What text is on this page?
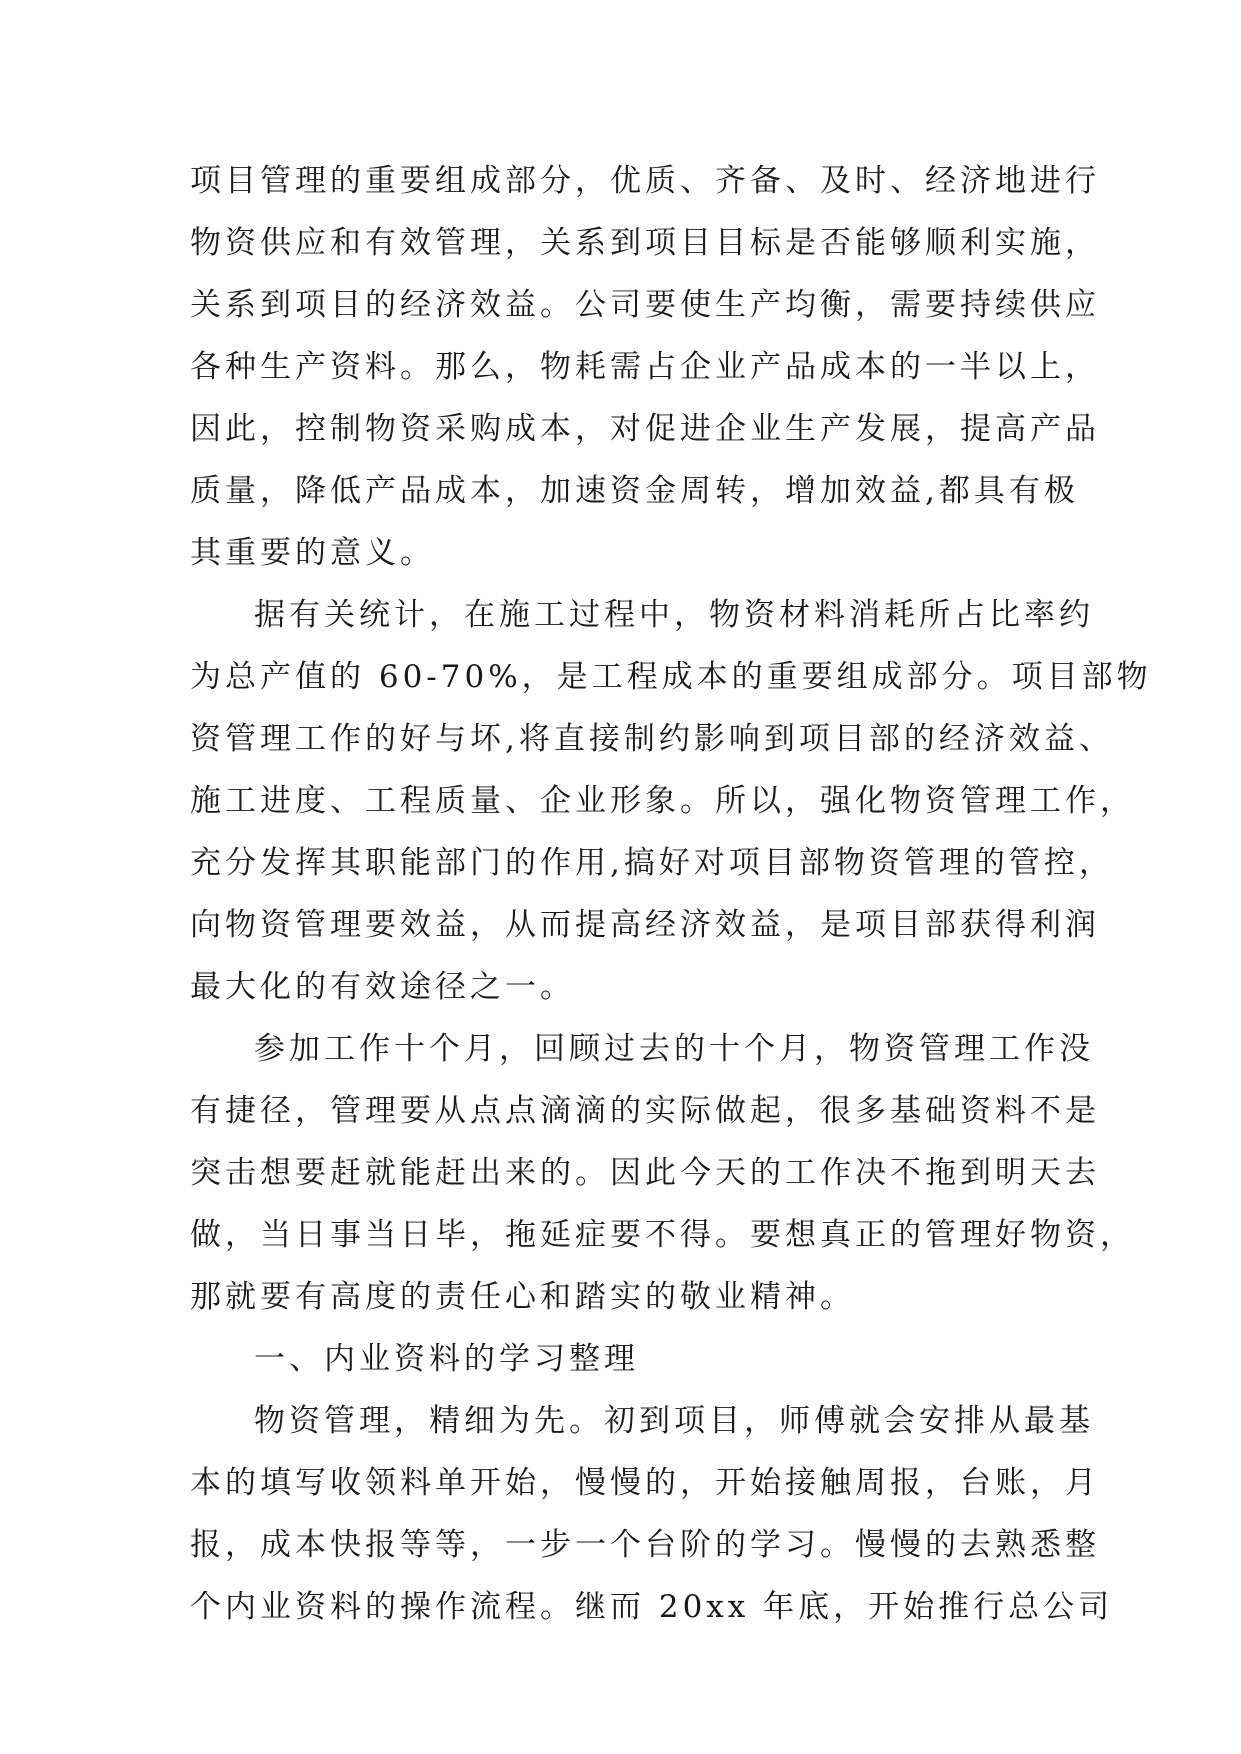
项目管理的重要组成部分，优质、齐备、及时、经济地进行
物资供应和有效管理，关系到项目目标是否能够顺利实施，
关系到项目的经济效益。公司要使生产均衡，需要持续供应
各种生产资料。那么，物耗需占企业产品成本的一半以上，
因此，控制物资采购成本，对促进企业生产发展，提高产品
质量，降低产品成本，加速资金周转，增加效益,都具有极
其重要的意义。
据有关统计，在施工过程中，物资材料消耗所占比率约
为总产值的 60-70%，是工程成本的重要组成部分。项目部物
资管理工作的好与坏,将直接制约影响到项目部的经济效益、
施工进度、工程质量、企业形象。所以，强化物资管理工作，
充分发挥其职能部门的作用,搞好对项目部物资管理的管控，
向物资管理要效益，从而提高经济效益，是项目部获得利润
最大化的有效途径之一。
参加工作十个月，回顾过去的十个月，物资管理工作没
有捷径，管理要从点点滴滴的实际做起，很多基础资料不是
突击想要赶就能赶出来的。因此今天的工作决不拖到明天去
做，当日事当日毕，拖延症要不得。要想真正的管理好物资，
那就要有高度的责任心和踏实的敬业精神。
一、内业资料的学习整理
物资管理，精细为先。初到项目，师傅就会安排从最基
本的填写收领料单开始，慢慢的，开始接触周报，台账，月
报，成本快报等等，一步一个台阶的学习。慢慢的去熟悉整
个内业资料的操作流程。继而 20xx 年底，开始推行总公司
